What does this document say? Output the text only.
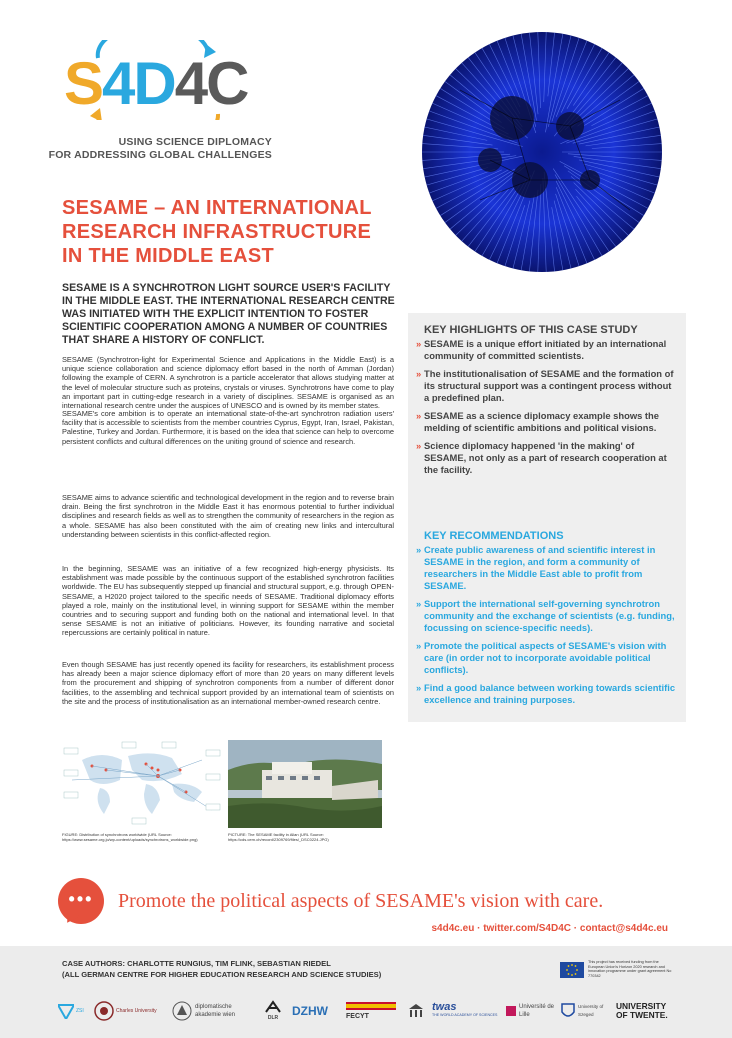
S4D4C
USING SCIENCE DIPLOMACY
FOR ADDRESSING GLOBAL CHALLENGES
SESAME – AN INTERNATIONAL
RESEARCH INFRASTRUCTURE
IN THE MIDDLE EAST
SESAME IS A SYNCHROTRON LIGHT SOURCE USER'S FACILITY IN THE MIDDLE EAST. THE INTERNATIONAL RESEARCH CENTRE WAS INITIATED WITH THE EXPLICIT INTENTION TO FOSTER SCIENTIFIC COOPERATION AMONG A NUMBER OF COUNTRIES THAT SHARE A HISTORY OF CONFLICT.
SESAME (Synchrotron-light for Experimental Science and Applications in the Middle East) is a unique science collaboration and science diplomacy effort based in the north of Amman (Jordan) following the example of CERN. A synchrotron is a particle accelerator that allows studying matter at the level of molecular structure such as proteins, crystals or viruses. Synchrotrons have come to play an important part in cutting-edge research in a variety of disciplines. SESAME is organised as an international research centre under the auspices of UNESCO and is owned by its member states.
SESAME's core ambition is to operate an international state-of-the-art synchrotron radiation users' facility that is accessible to scientists from the member countries Cyprus, Egypt, Iran, Israel, Pakistan, Palestine, Turkey and Jordan. Furthermore, it is based on the idea that science can help to overcome persistent conflicts and cultural differences on the uniting ground of science and research.
SESAME aims to advance scientific and technological development in the region and to reverse brain drain. Being the first synchrotron in the Middle East it has enormous potential to further individual disciplines and research fields as well as to strengthen the community of researchers in the region as a whole. SESAME has also been constituted with the aim of creating new links and intercultural understanding between scientists in this conflict-affected region.
In the beginning, SESAME was an initiative of a few recognized high-energy physicists. Its establishment was made possible by the continuous support of the established synchrotron facilities worldwide. The EU has subsequently stepped up financial and structural support, e.g. through OPEN-SESAME, a H2020 project tailored to the specific needs of SESAME. Traditional diplomacy efforts played a role, mainly on the institutional level, in winning support for SESAME within the member countries and to securing support and funding both on the national and international level. In that sense SESAME is not an initiative of politicians. However, its founding narrative and societal repercussions are certainly political in nature.
Even though SESAME has just recently opened its facility for researchers, its establishment process has already been a major science diplomacy effort of more than 20 years on many different levels from the procurement and shipping of synchrotron components from a number of different donor facilities, to the assembling and technical support provided by an international team of scientists on the site and the process of institutionalisation as an international member-owned research centre.
KEY HIGHLIGHTS OF THIS CASE STUDY
» SESAME is a unique effort initiated by an international community of committed scientists.
» The institutionalisation of SESAME and the formation of its structural support was a contingent process without a predefined plan.
» SESAME as a science diplomacy example shows the melding of scientific ambitions and political visions.
» Science diplomacy happened 'in the making' of SESAME, not only as a part of research cooperation at the facility.
KEY RECOMMENDATIONS
» Create public awareness of and scientific interest in SESAME in the region, and form a community of researchers in the Middle East able to profit from SESAME.
» Support the international self-governing synchrotron community and the exchange of scientists (e.g. funding, focussing on science-specific needs).
» Promote the political aspects of SESAME's vision with care (in order not to incorporate avoidable political conflicts).
» Find a good balance between working towards scientific excellence and training purposes.
FIGURE: Distribution of synchrotrons worldwide (URL Source: https://www.sesame.org.jo/wp-content/uploads/synchrotrons_worldwide.png)
PICTURE: The SESAME facility in Allan (URL Source: https://cds.cern.ch/record/2309769/files/_DSC0224.JPG)
•••	Promote the political aspects of SESAME's vision with care.
s4d4c.eu · twitter.com/S4D4C · contact@s4d4c.eu
CASE AUTHORS: CHARLOTTE RUNGIUS, TIM FLINK, SEBASTIAN RIEDEL
(ALL GERMAN CENTRE FOR HIGHER EDUCATION RESEARCH AND SCIENCE STUDIES)
This project has received funding from the European Union's Horizon 2020 research and innovation programme under grant agreement No 770342
ZSI	Charles University
diplomatische akademie wien	DLR DZHW	FECYT
twas
THE WORLD ACADEMY OF SCIENCES
Université de Lille
University of Szeged
UNIVERSITY OF TWENTE.
